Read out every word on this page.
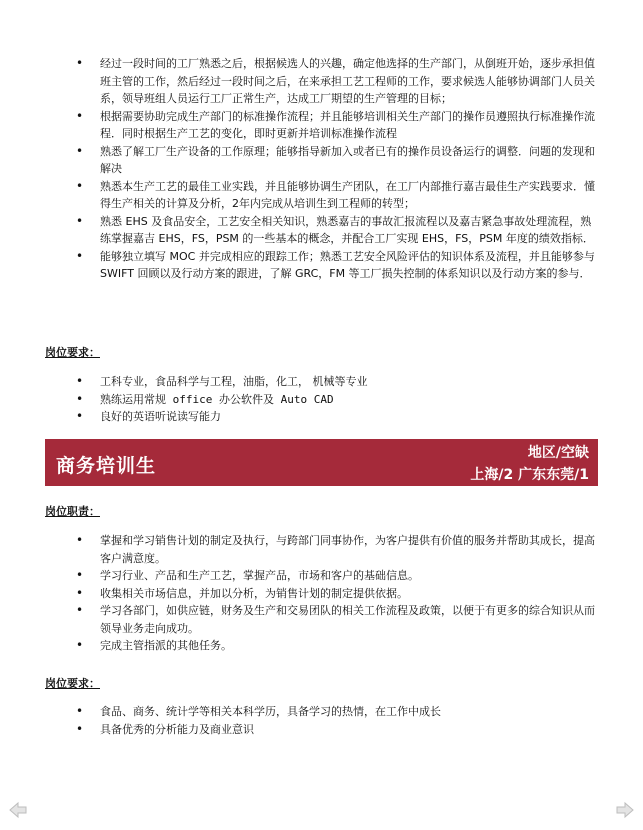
• 经过一段时间的工厂熟悉之后，根据候选人的兴趣，确定他选择的生产部门，从倒班开始，逐步承担值班主管的工作，然后经过一段时间之后，在来承担工艺工程师的工作，要求候选人能够协调部门人员关系，领导班组人员运行工厂正常生产，达成工厂期望的生产管理的目标；
• 根据需要协助完成生产部门的标准操作流程；并且能够培训相关生产部门的操作员遵照执行标准操作流程．同时根据生产工艺的变化，即时更新并培训标准操作流程
• 熟悉了解工厂生产设备的工作原理；能够指导新加入或者已有的操作员设备运行的调整．问题的发现和解决
• 熟悉本生产工艺的最佳工业实践，并且能够协调生产团队，在工厂内部推行嘉吉最佳生产实践要求．懂得生产相关的计算及分析，2年内完成从培训生到工程师的转型；
• 熟悉 EHS 及食品安全，工艺安全相关知识，熟悉嘉吉的事故汇报流程以及嘉吉紧急事故处理流程，熟练掌握嘉吉 EHS，FS，PSM 的一些基本的概念，并配合工厂实现 EHS，FS，PSM 年度的绩效指标．
• 能够独立填写 MOC 并完成相应的跟踪工作；熟悉工艺安全风险评估的知识体系及流程，并且能够参与 SWIFT 回顾以及行动方案的跟进，了解 GRC，FM 等工厂损失控制的体系知识以及行动方案的参与．
岗位要求：
• 工科专业，食品科学与工程，油脂，化工， 机械等专业
• 熟练运用常规 office 办公软件及 Auto CAD
• 良好的英语听说读写能力
商务培训生
地区/空缺
上海/2 广东东莞/1
岗位职责：
• 掌握和学习销售计划的制定及执行，与跨部门同事协作，为客户提供有价值的服务并帮助其成长，提高客户满意度。
• 学习行业、产品和生产工艺，掌握产品，市场和客户的基础信息。
• 收集相关市场信息，并加以分析，为销售计划的制定提供依据。
• 学习各部门，如供应链，财务及生产和交易团队的相关工作流程及政策，以便于有更多的综合知识从而领导业务走向成功。
• 完成主管指派的其他任务。
岗位要求：
• 食品、商务、统计学等相关本科学历，具备学习的热情，在工作中成长
• 具备优秀的分析能力及商业意识
